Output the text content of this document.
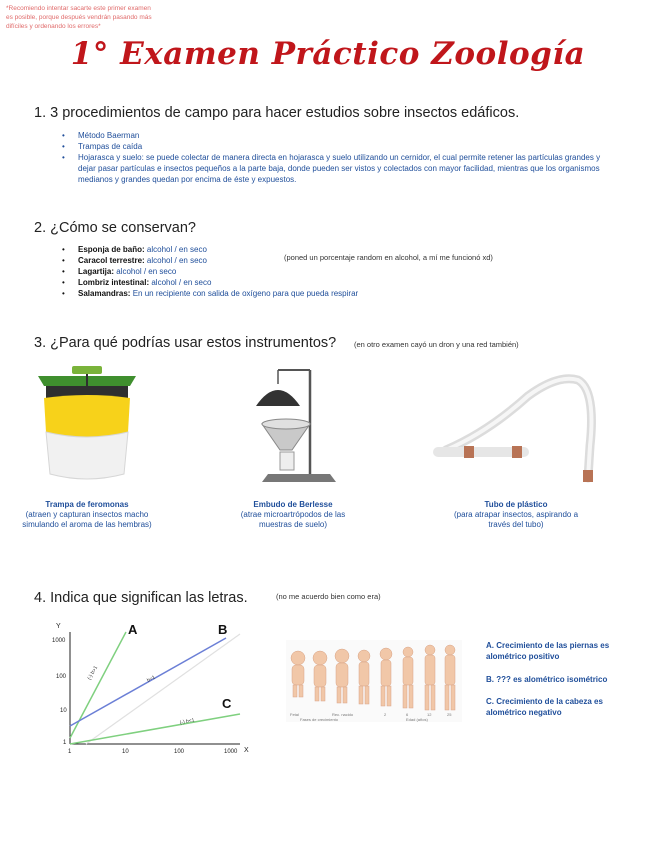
*Recomiendo intentar sacarte este primer examen es posible, porque después vendrán pasando más difíciles y ordenando los errores*
1° Examen Práctico Zoología
1. 3 procedimientos de campo para hacer estudios sobre insectos edáficos.
• Método Baerman
• Trampas de caída
• Hojarasca y suelo: se puede colectar de manera directa en hojarasca y suelo utilizando un cernidor, el cual permite retener las partículas grandes y dejar pasar partículas e insectos pequeños a la parte baja, donde pueden ser vistos y colectados con mayor facilidad, mientras que los organismos medianos y grandes quedan por encima de éste y expuestos.
2. ¿Cómo se conservan?
• Esponja de baño: alcohol / en seco
• Caracol terrestre: alcohol / en seco
• Lagartija: alcohol / en seco
• Lombriz intestinal: alcohol / en seco
• Salamandras: En un recipiente con salida de oxígeno para que pueda respirar
(poned un porcentaje random en alcohol, a mí me funcionó xd)
3. ¿Para qué podrías usar estos instrumentos? (en otro examen cayó un dron y una red también)
Trampa de feromonas
(atraen y capturan insectos macho simulando el aroma de las hembras)
Embudo de Berlesse
(atrae microartrópodos de las muestras de suelo)
Tubo de plástico
(para atrapar insectos, aspirando a través del tubo)
4. Indica que significan las letras.	(no me acuerdo bien como era)
Y
X
1000
100
10
1
1	10	100	1000
A	B
C
(-) b>1	b=1
(-) b<1
Fetal	Rec. nacido	2	6	12	25
Fases de crecimiento	Edad (años)
A. Crecimiento de las piernas es alométrico positivo
B. ??? es alométrico isométrico
C. Crecimiento de la cabeza es alométrico negativo
